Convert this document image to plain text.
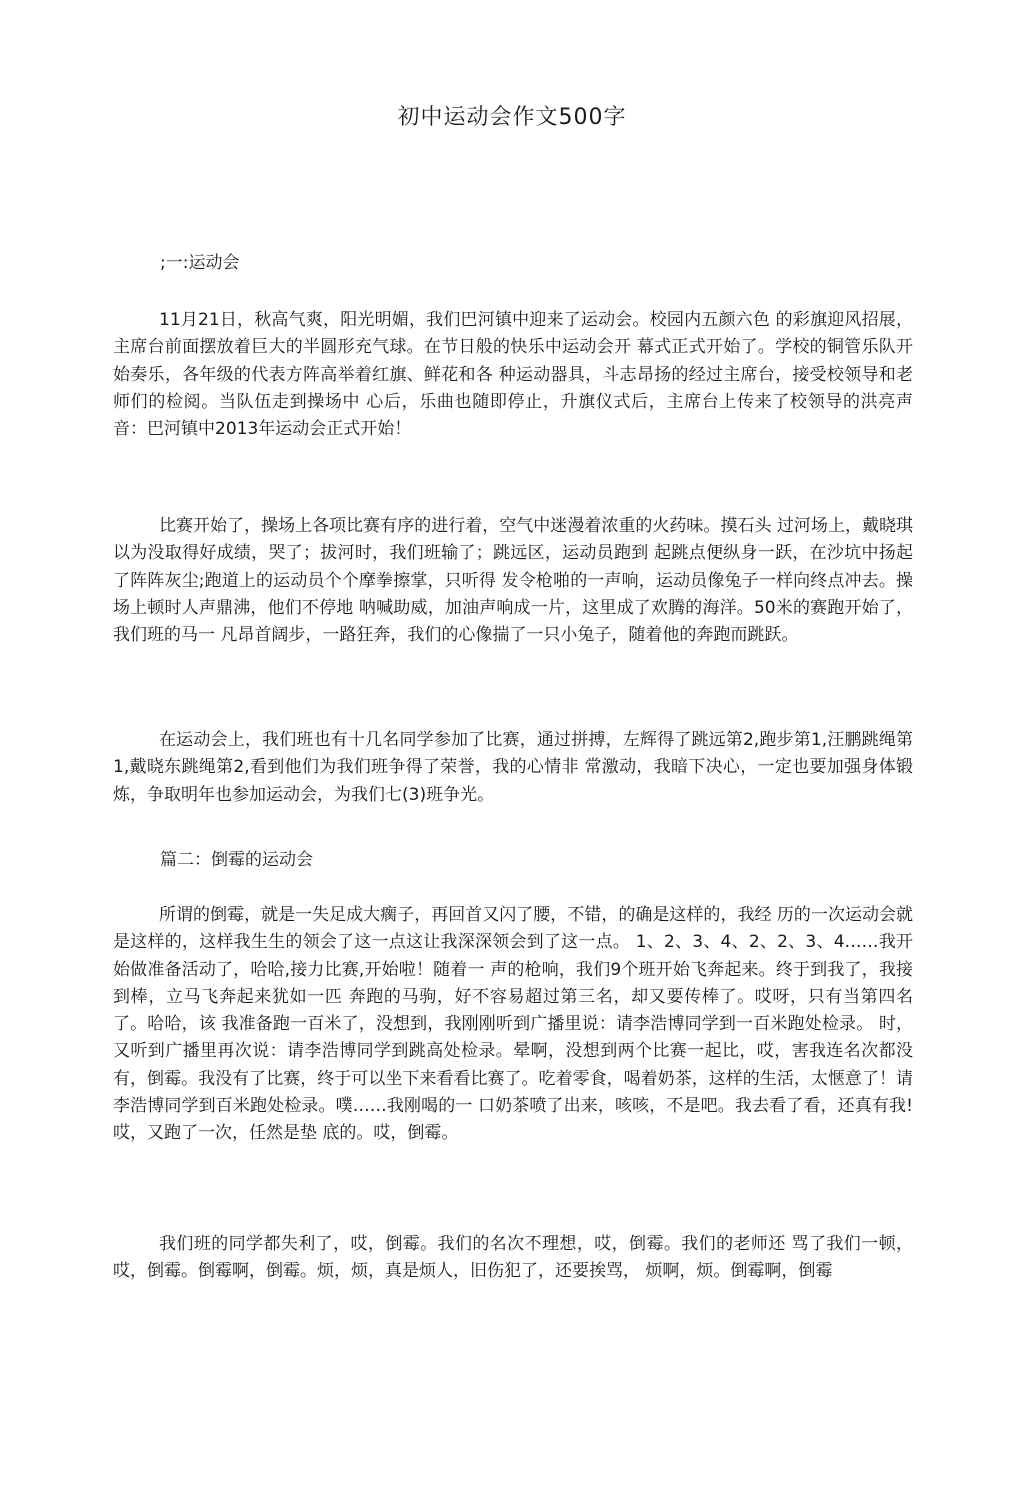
初中运动会作文500字
;一:运动会
11月21日，秋高气爽，阳光明媚，我们巴河镇中迎来了运动会。校园内五颜六色 的彩旗迎风招展，主席台前面摆放着巨大的半圆形充气球。在节日般的快乐中运动会开 幕式正式开始了。学校的铜管乐队开始奏乐，各年级的代表方阵高举着红旗、鲜花和各 种运动器具，斗志昂扬的经过主席台，接受校领导和老师们的检阅。当队伍走到操场中 心后，乐曲也随即停止，升旗仪式后，主席台上传来了校领导的洪亮声音：巴河镇中2013年运动会正式开始！
比赛开始了，操场上各项比赛有序的进行着，空气中迷漫着浓重的火药味。摸石头 过河场上，戴晓琪以为没取得好成绩，哭了；拔河时，我们班输了；跳远区，运动员跑到 起跳点便纵身一跃，在沙坑中扬起了阵阵灰尘;跑道上的运动员个个摩拳擦掌，只听得 发令枪啪的一声响，运动员像兔子一样向终点冲去。操场上顿时人声鼎沸，他们不停地 呐喊助威，加油声响成一片，这里成了欢腾的海洋。50米的赛跑开始了，我们班的马一 凡昂首阔步，一路狂奔，我们的心像揣了一只小兔子，随着他的奔跑而跳跃。
在运动会上，我们班也有十几名同学参加了比赛，通过拼搏，左辉得了跳远第2,跑步第1,汪鹏跳绳第1,戴晓东跳绳第2,看到他们为我们班争得了荣誉，我的心情非 常激动，我暗下决心，一定也要加强身体锻炼，争取明年也参加运动会，为我们七(3)班争光。
篇二：倒霉的运动会
所谓的倒霉，就是一失足成大瘸子，再回首又闪了腰，不错，的确是这样的，我经 历的一次运动会就是这样的，这样我生生的领会了这一点这让我深深领会到了这一点。 1、2、3、4、2、2、3、4……我开始做准备活动了，哈哈,接力比赛,开始啦！随着一 声的枪响，我们9个班开始飞奔起来。终于到我了，我接到棒，立马飞奔起来犹如一匹 奔跑的马驹，好不容易超过第三名，却又要传棒了。哎呀，只有当第四名了。哈哈，该 我准备跑一百米了，没想到，我刚刚听到广播里说：请李浩博同学到一百米跑处检录。 时，又听到广播里再次说：请李浩博同学到跳高处检录。晕啊，没想到两个比赛一起比，哎，害我连名次都没有，倒霉。我没有了比赛，终于可以坐下来看看比赛了。吃着零食，喝着奶茶，这样的生活，太惬意了！请李浩博同学到百米跑处检录。噗……我刚喝的一 口奶茶喷了出来，咳咳，不是吧。我去看了看，还真有我!哎，又跑了一次，任然是垫 底的。哎，倒霉。
我们班的同学都失利了，哎，倒霉。我们的名次不理想，哎，倒霉。我们的老师还 骂了我们一顿，哎，倒霉。倒霉啊，倒霉。烦，烦，真是烦人，旧伤犯了，还要挨骂， 烦啊，烦。倒霉啊，倒霉
